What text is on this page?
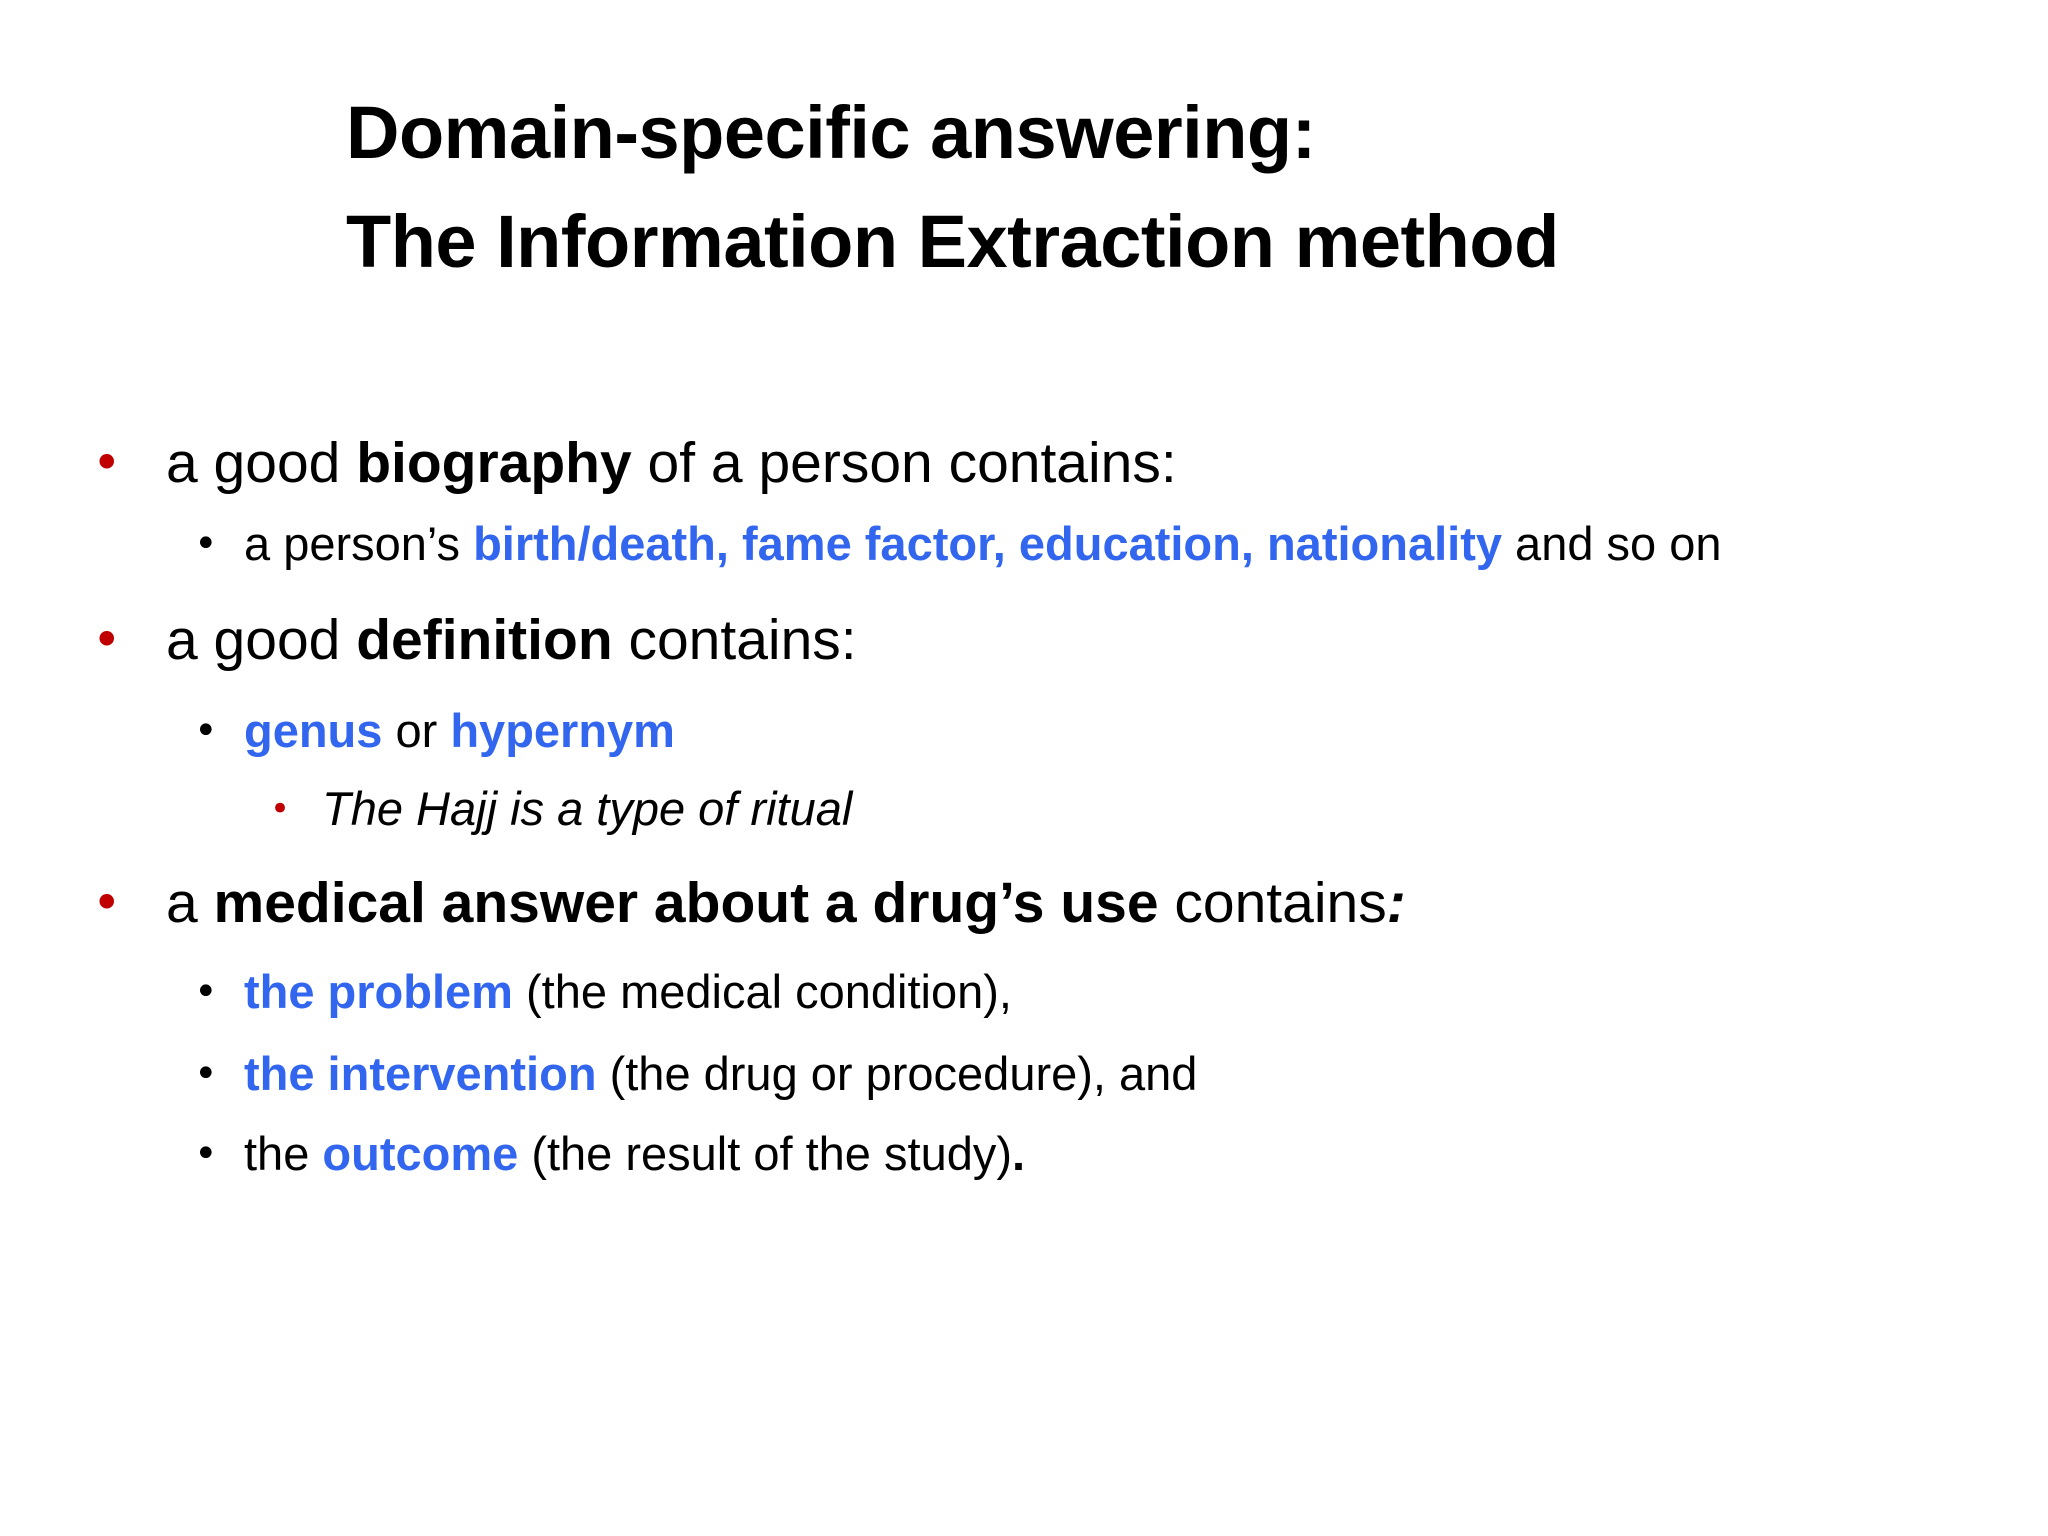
Domain-specific answering:
The Information Extraction method
• a good biography of a person contains:
• a person’s birth/death, fame factor, education, nationality and so on
• a good definition contains:
• genus or hypernym
• The Hajj is a type of ritual
• a medical answer about a drug’s use contains:
• the problem (the medical condition),
• the intervention (the drug or procedure), and
• the outcome (the result of the study).
